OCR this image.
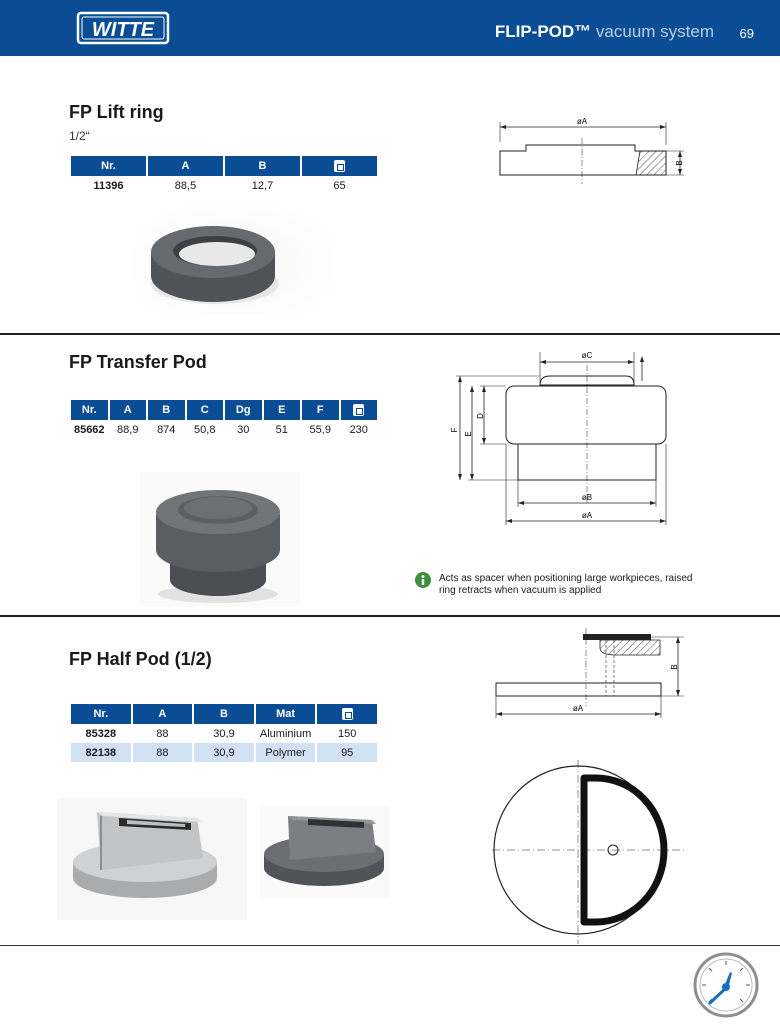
WITTE	FLIP-POD™ vacuum system 69
FP Lift ring
1/2“
Nr.	A	B	
11396	88,5	12,7	65
øA
B
FP Transfer Pod
Nr.	A	B	C	Dg	E	F	
85662	88,9	874	50,8	30	51	55,9	230
øC
øB
øA
D
E
F
Acts as spacer when positioning large workpieces, raised ring retracts when vacuum is applied
FP Half Pod (1/2)
Nr.	A	B	Mat	
85328	88	30,9	Aluminium	150
82138	88	30,9	Polymer	95
øA
B
